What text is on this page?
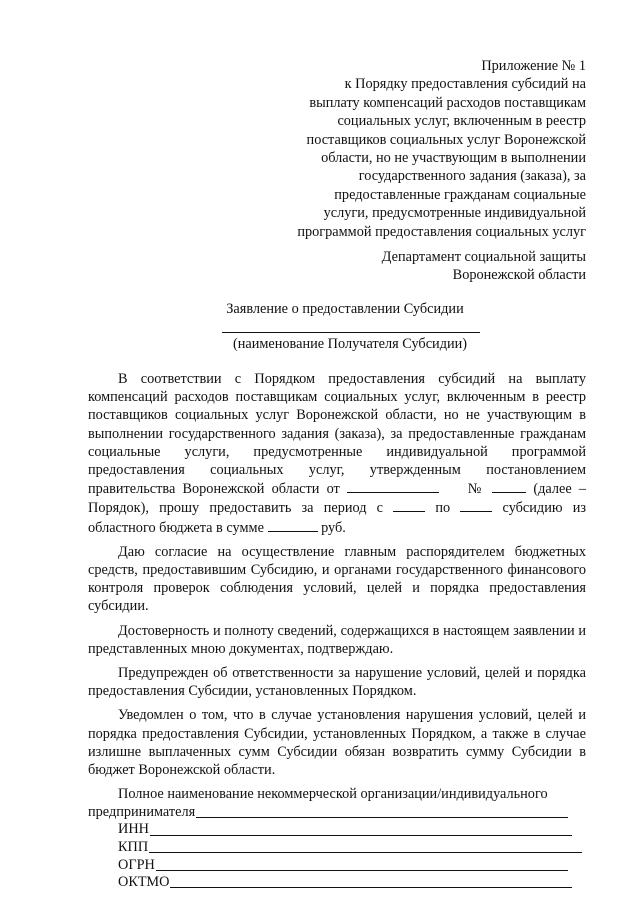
Приложение № 1
к Порядку предоставления субсидий на
выплату компенсаций расходов поставщикам
социальных услуг, включенным в реестр
поставщиков социальных услуг Воронежской
области, но не участвующим в выполнении
государственного задания (заказа), за
предоставленные гражданам социальные
услуги, предусмотренные индивидуальной
программой предоставления социальных услуг
Департамент социальной защиты
Воронежской области
Заявление о предоставлении Субсидии
(наименование Получателя Субсидии)

В соответствии с Порядком предоставления субсидий на выплату компенсаций расходов поставщикам социальных услуг, включенным в реестр поставщиков социальных услуг Воронежской области, но не участвующим в выполнении государственного задания (заказа), за предоставленные гражданам социальные услуги, предусмотренные индивидуальной программой предоставления социальных услуг, утвержденным постановлением правительства Воронежской области от	№	(далее – Порядок), прошу предоставить за период с	по	субсидию из областного бюджета в сумме	руб.

Даю согласие на осуществление главным распорядителем бюджетных средств, предоставившим Субсидию, и органами государственного финансового контроля проверок соблюдения условий, целей и порядка предоставления субсидии.

Достоверность и полноту сведений, содержащихся в настоящем заявлении и представленных мною документах, подтверждаю.

Предупрежден об ответственности за нарушение условий, целей и порядка предоставления Субсидии, установленных Порядком.

Уведомлен о том, что в случае установления нарушения условий, целей и порядка предоставления Субсидии, установленных Порядком, а также в случае излишне выплаченных сумм Субсидии обязан возвратить сумму Субсидии в бюджет Воронежской области.

Полное наименование некоммерческой организации/индивидуального

предпринимателя
ИНН
КПП
ОГРН
ОКТМО
